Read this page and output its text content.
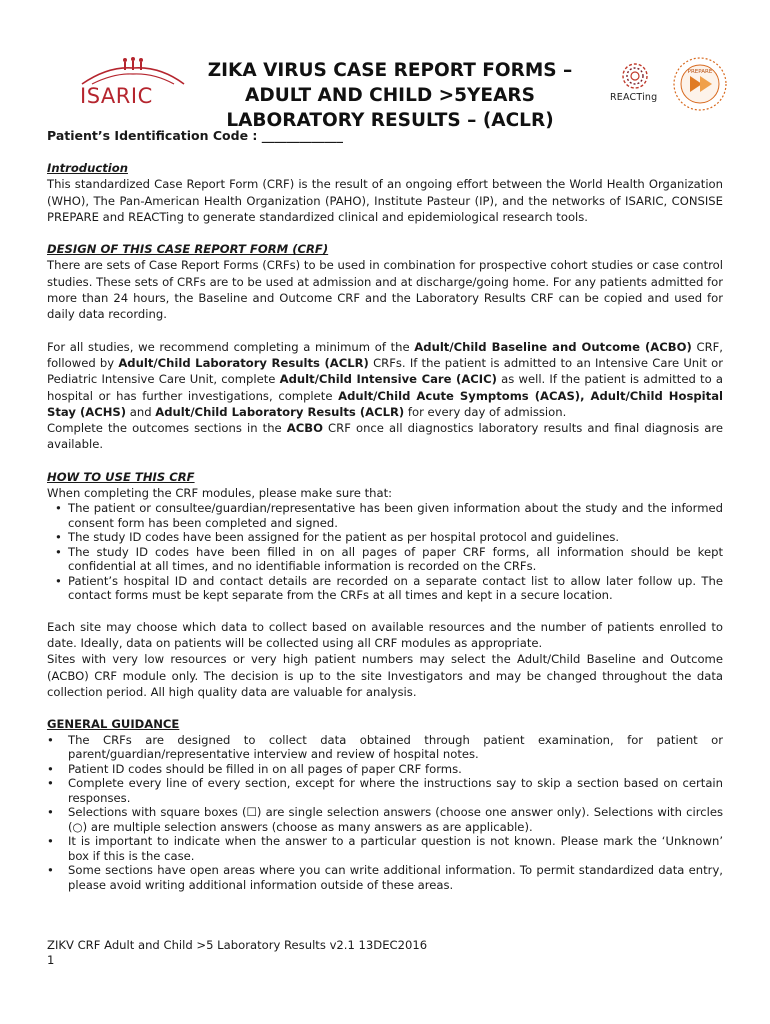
ISARIC
ZIKA VIRUS CASE REPORT FORMS –
ADULT AND CHILD >5YEARS
LABORATORY RESULTS – (ACLR)
REACTing
PREPARE
Patient’s Identification Code : _____________

Introduction

This standardized Case Report Form (CRF) is the result of an ongoing effort between the World Health Organization (WHO), The Pan-American Health Organization (PAHO), Institute Pasteur (IP), and the networks of ISARIC, CONSISE PREPARE and REACTing to generate standardized clinical and epidemiological research tools.

DESIGN OF THIS CASE REPORT FORM (CRF)

There are sets of Case Report Forms (CRFs) to be used in combination for prospective cohort studies or case control studies. These sets of CRFs are to be used at admission and at discharge/going home. For any patients admitted for more than 24 hours, the Baseline and Outcome CRF and the Laboratory Results CRF can be copied and used for daily data recording.

For all studies, we recommend completing a minimum of the Adult/Child Baseline and Outcome (ACBO) CRF, followed by Adult/Child Laboratory Results (ACLR) CRFs. If the patient is admitted to an Intensive Care Unit or Pediatric Intensive Care Unit, complete Adult/Child Intensive Care (ACIC) as well. If the patient is admitted to a hospital or has further investigations, complete Adult/Child Acute Symptoms (ACAS), Adult/Child Hospital Stay (ACHS) and Adult/Child Laboratory Results (ACLR) for every day of admission.

Complete the outcomes sections in the ACBO CRF once all diagnostics laboratory results and final diagnosis are available.

HOW TO USE THIS CRF

When completing the CRF modules, please make sure that:

• The patient or consultee/guardian/representative has been given information about the study and the informed consent form has been completed and signed.
• The study ID codes have been assigned for the patient as per hospital protocol and guidelines.
• The study ID codes have been filled in on all pages of paper CRF forms, all information should be kept confidential at all times, and no identifiable information is recorded on the CRFs.
• Patient’s hospital ID and contact details are recorded on a separate contact list to allow later follow up. The contact forms must be kept separate from the CRFs at all times and kept in a secure location.

Each site may choose which data to collect based on available resources and the number of patients enrolled to date. Ideally, data on patients will be collected using all CRF modules as appropriate.

Sites with very low resources or very high patient numbers may select the Adult/Child Baseline and Outcome (ACBO) CRF module only. The decision is up to the site Investigators and may be changed throughout the data collection period. All high quality data are valuable for analysis.

GENERAL GUIDANCE

• The CRFs are designed to collect data obtained through patient examination, for patient or parent/guardian/representative interview and review of hospital notes.
• Patient ID codes should be filled in on all pages of paper CRF forms.
• Complete every line of every section, except for where the instructions say to skip a section based on certain responses.
• Selections with square boxes (☐) are single selection answers (choose one answer only). Selections with circles (○) are multiple selection answers (choose as many answers as are applicable).
• It is important to indicate when the answer to a particular question is not known. Please mark the ‘Unknown’ box if this is the case.
• Some sections have open areas where you can write additional information. To permit standardized data entry, please avoid writing additional information outside of these areas.
ZIKV CRF Adult and Child >5 Laboratory Results v2.1 13DEC2016
1
